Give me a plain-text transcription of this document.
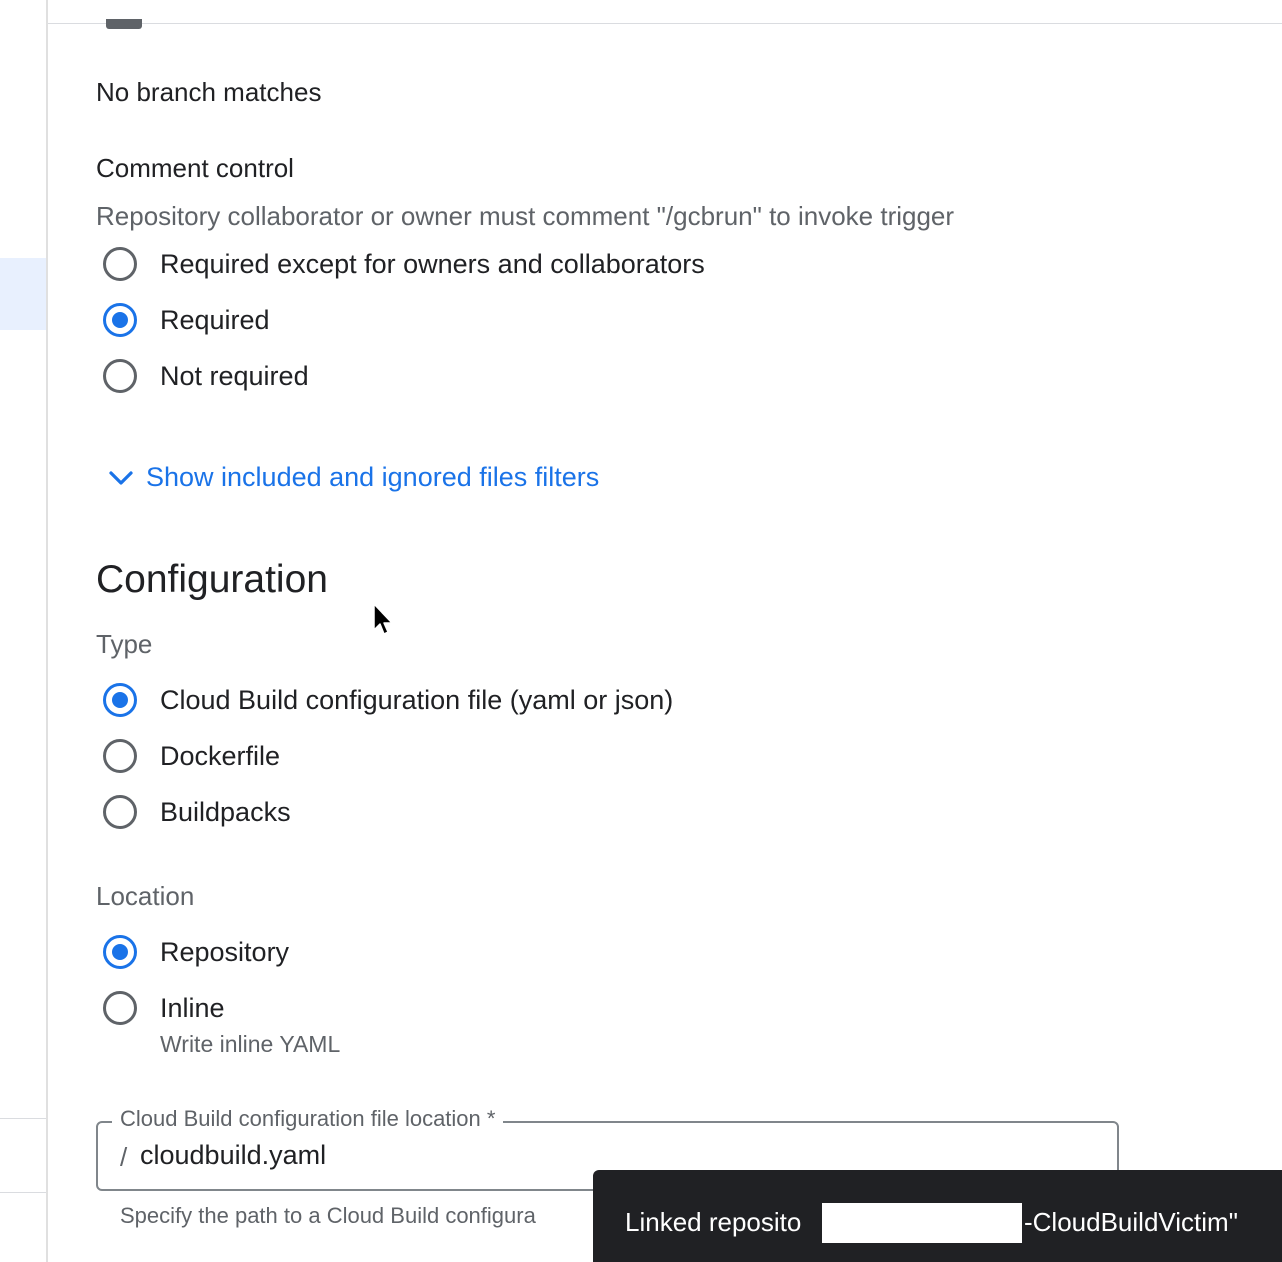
No branch matches
Comment control
Repository collaborator or owner must comment "/gcbrun" to invoke trigger
Required except for owners and collaborators
Required
Not required
Show included and ignored files filters
Configuration
Type
Cloud Build configuration file (yaml or json)
Dockerfile
Buildpacks
Location
Repository
Inline
Write inline YAML
Cloud Build configuration file location *
/
cloudbuild.yaml
Specify the path to a Cloud Build configura	Linked reposito	-CloudBuildVictim"
